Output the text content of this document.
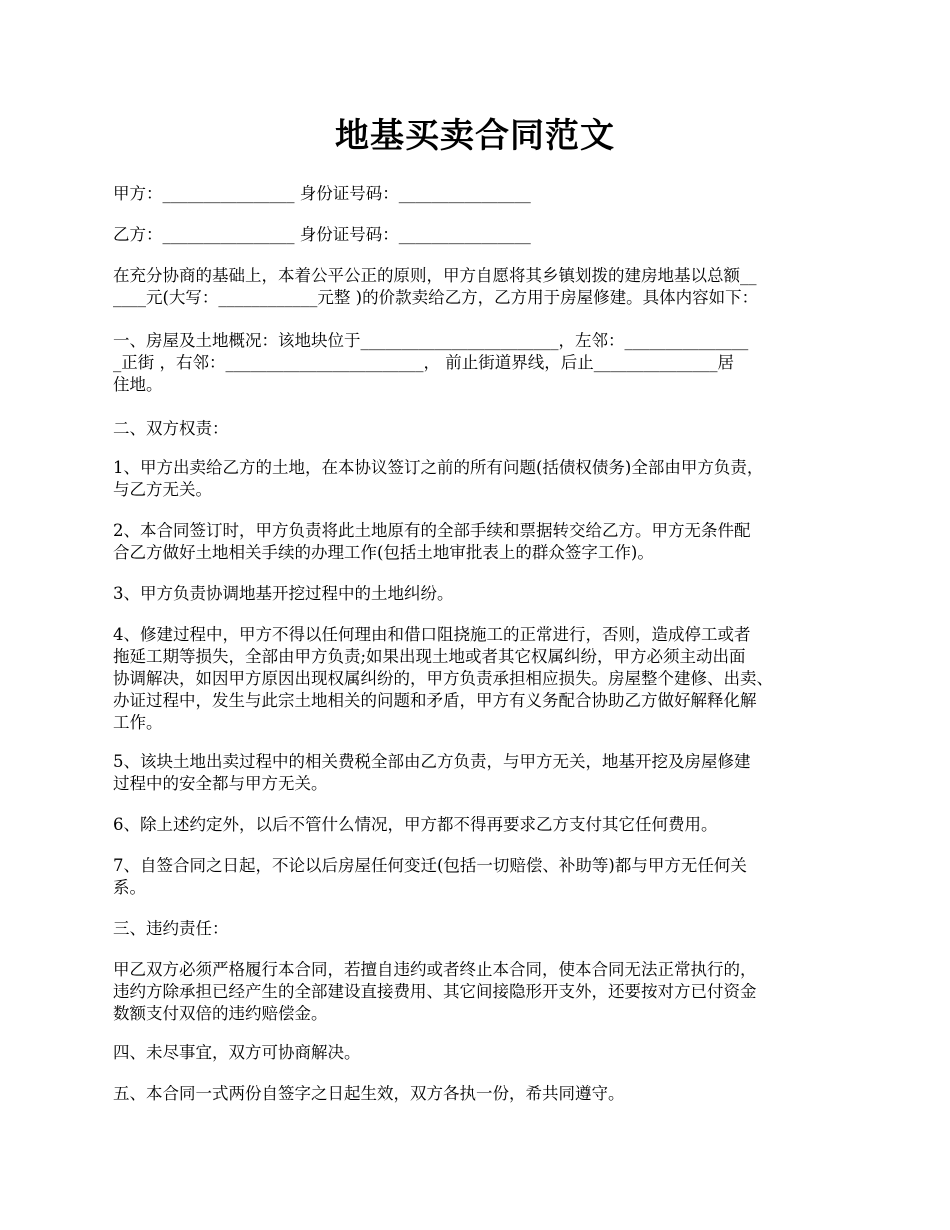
地基买卖合同范文
甲方：________________ 身份证号码：________________
乙方：________________ 身份证号码：________________
在充分协商的基础上，本着公平公正的原则，甲方自愿将其乡镇划拨的建房地基以总额__
____元(大写：____________元整 )的价款卖给乙方，乙方用于房屋修建。具体内容如下：
一、房屋及土地概况：该地块位于________________________，左邻：_______________
_正街 ，右邻：________________________， 前止街道界线，后止_______________居
住地。
二、双方权责：
1、甲方出卖给乙方的土地，在本协议签订之前的所有问题(括债权债务)全部由甲方负责，
与乙方无关。
2、本合同签订时，甲方负责将此土地原有的全部手续和票据转交给乙方。甲方无条件配
合乙方做好土地相关手续的办理工作(包括土地审批表上的群众签字工作)。
3、甲方负责协调地基开挖过程中的土地纠纷。
4、修建过程中，甲方不得以任何理由和借口阻挠施工的正常进行，否则，造成停工或者
拖延工期等损失，全部由甲方负责;如果出现土地或者其它权属纠纷，甲方必须主动出面
协调解决，如因甲方原因出现权属纠纷的，甲方负责承担相应损失。房屋整个建修、出卖、
办证过程中，发生与此宗土地相关的问题和矛盾，甲方有义务配合协助乙方做好解释化解
工作。
5、该块土地出卖过程中的相关费税全部由乙方负责，与甲方无关，地基开挖及房屋修建
过程中的安全都与甲方无关。
6、除上述约定外，以后不管什么情况，甲方都不得再要求乙方支付其它任何费用。
7、自签合同之日起，不论以后房屋任何变迁(包括一切赔偿、补助等)都与甲方无任何关
系。
三、违约责任：
甲乙双方必须严格履行本合同，若擅自违约或者终止本合同，使本合同无法正常执行的，
违约方除承担已经产生的全部建设直接费用、其它间接隐形开支外，还要按对方已付资金
数额支付双倍的违约赔偿金。
四、未尽事宜，双方可协商解决。
五、本合同一式两份自签字之日起生效，双方各执一份，希共同遵守。
